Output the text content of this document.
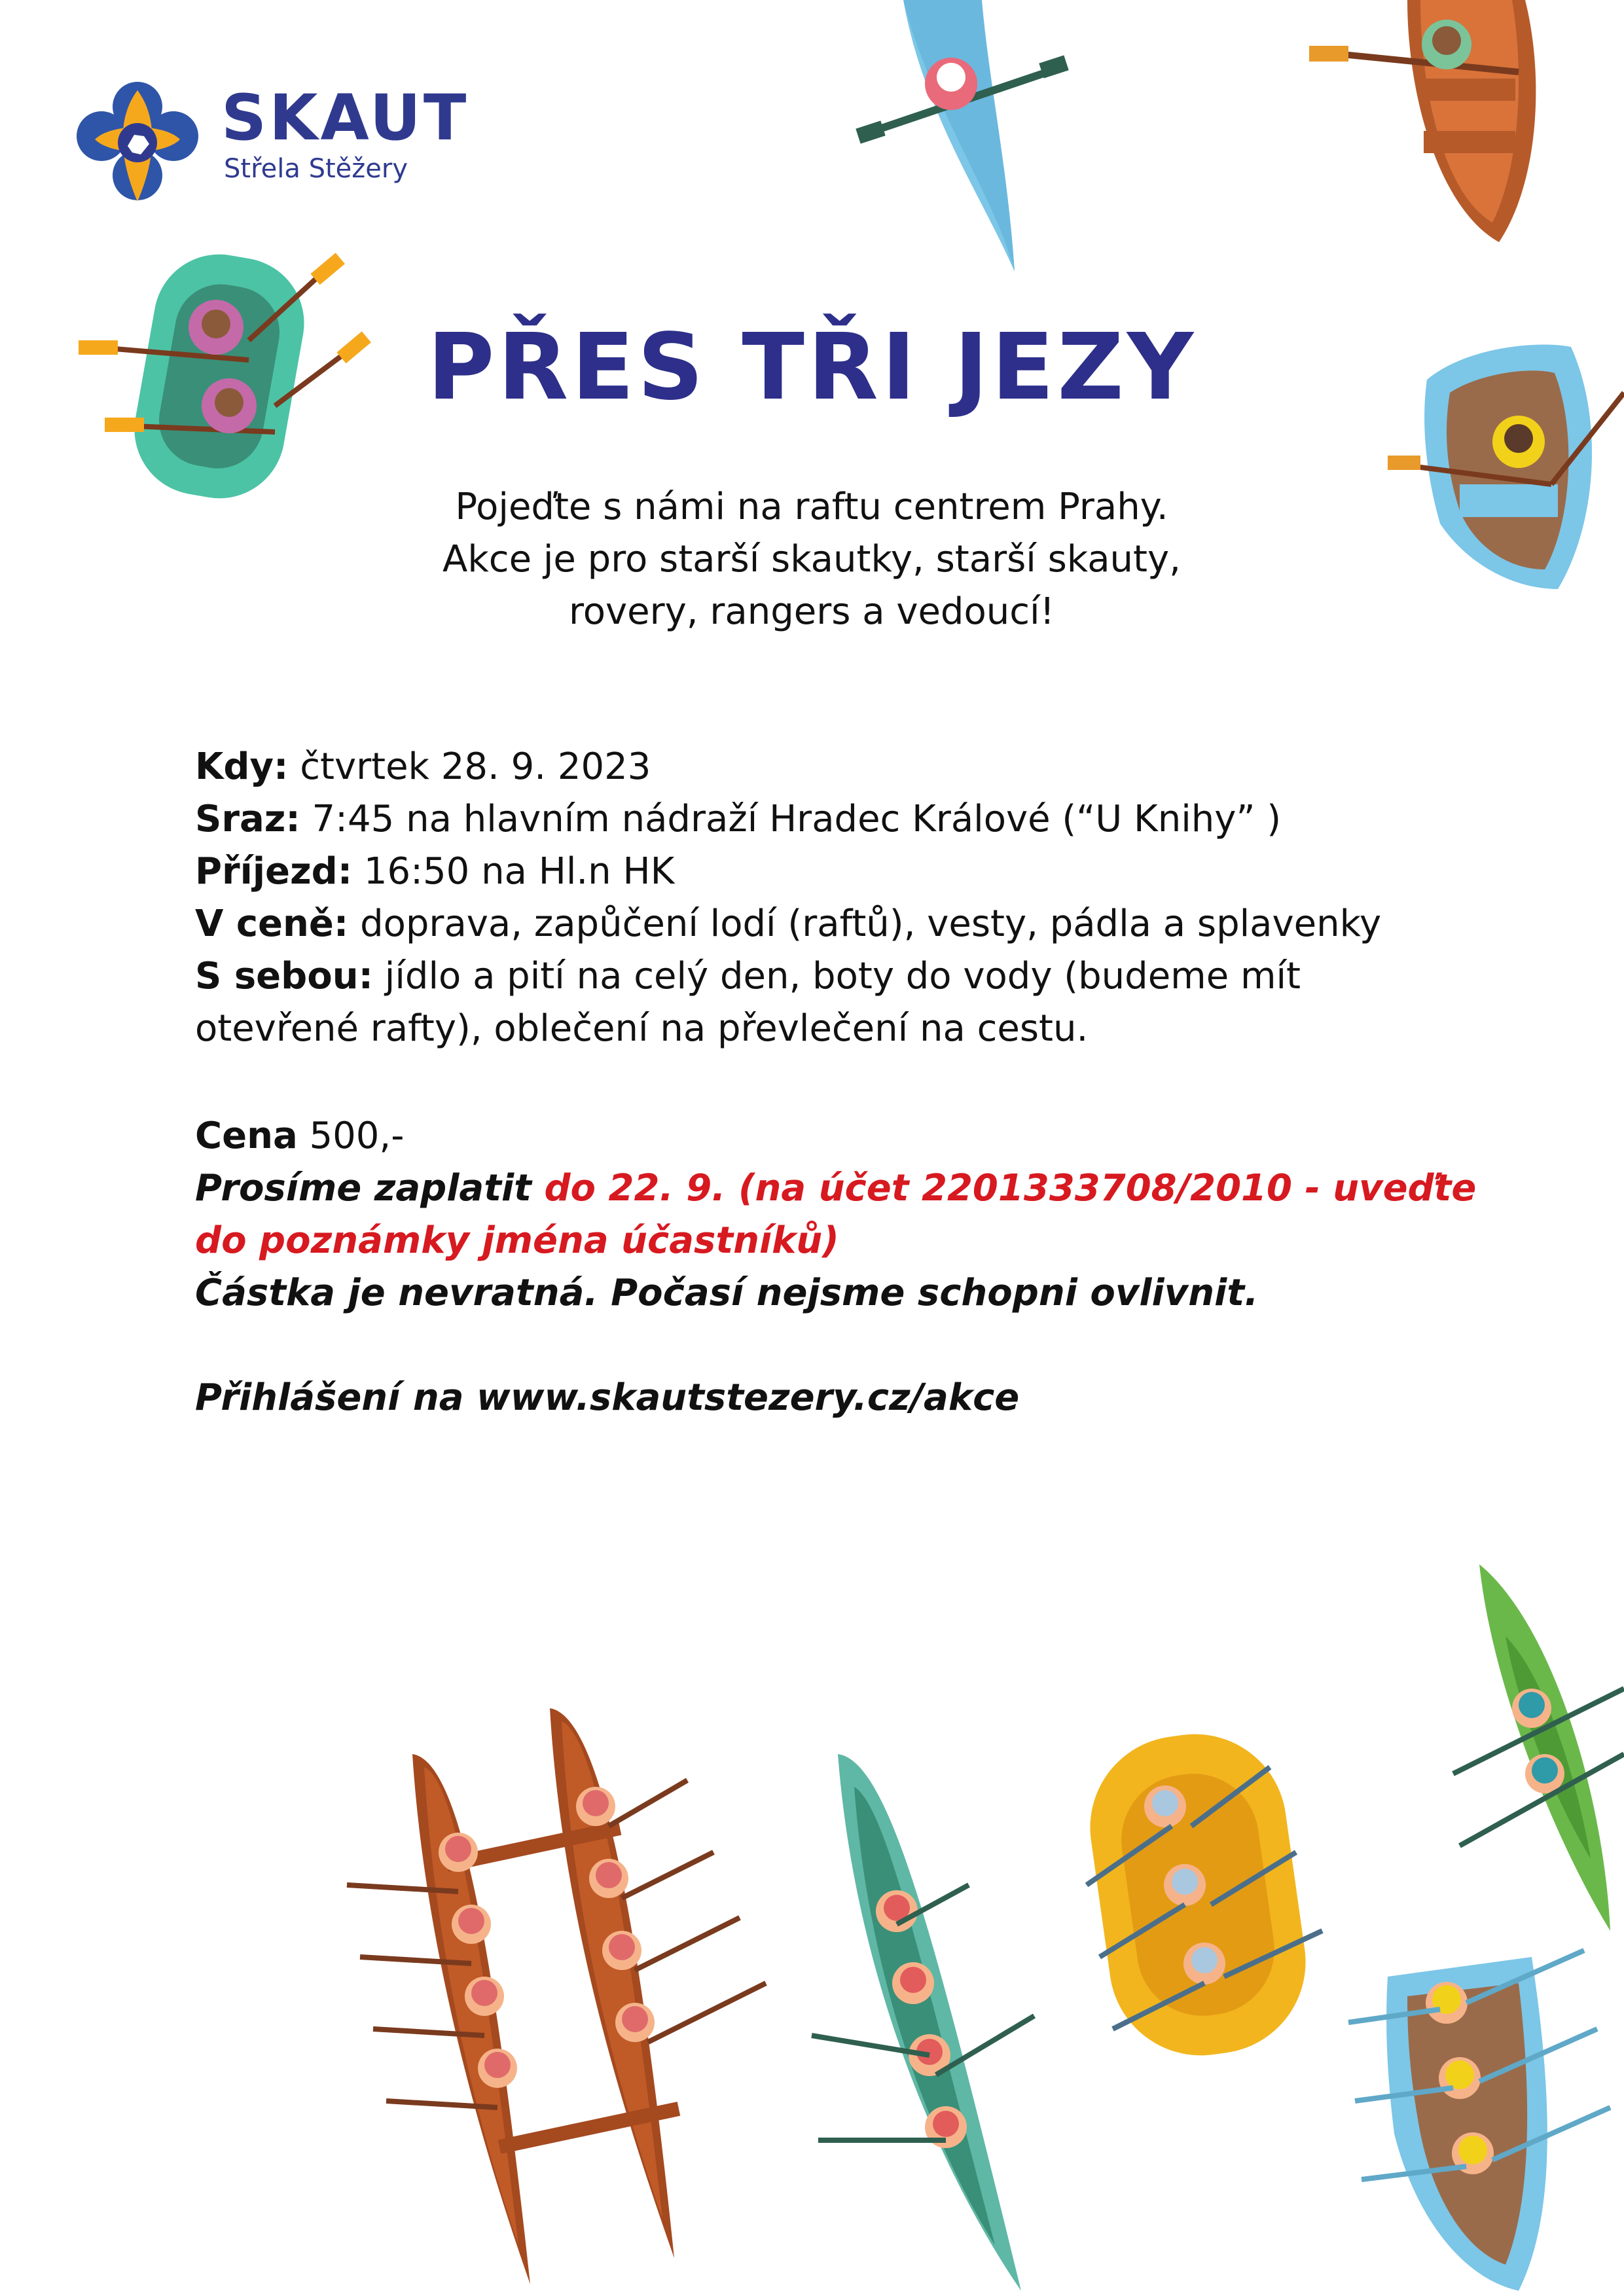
SKAUT
Střela Stěžery
PŘES TŘI JEZY
Pojeďte s námi na raftu centrem Prahy.
Akce je pro starší skautky, starší skauty,
rovery, rangers a vedoucí!
Kdy: čtvrtek 28. 9. 2023
Sraz: 7:45 na hlavním nádraží Hradec Králové (“U Knihy” )
Příjezd: 16:50 na Hl.n HK
V ceně: doprava, zapůčení lodí (raftů), vesty, pádla a splavenky
S sebou: jídlo a pití na celý den, boty do vody (budeme mít
otevřené rafty), oblečení na převlečení na cestu.
Cena 500,-
Prosíme zaplatit do 22. 9. (na účet 2201333708/2010 - uveďte
do poznámky jména účastníků)
Částka je nevratná. Počasí nejsme schopni ovlivnit.
Přihlášení na www.skautstezery.cz/akce
